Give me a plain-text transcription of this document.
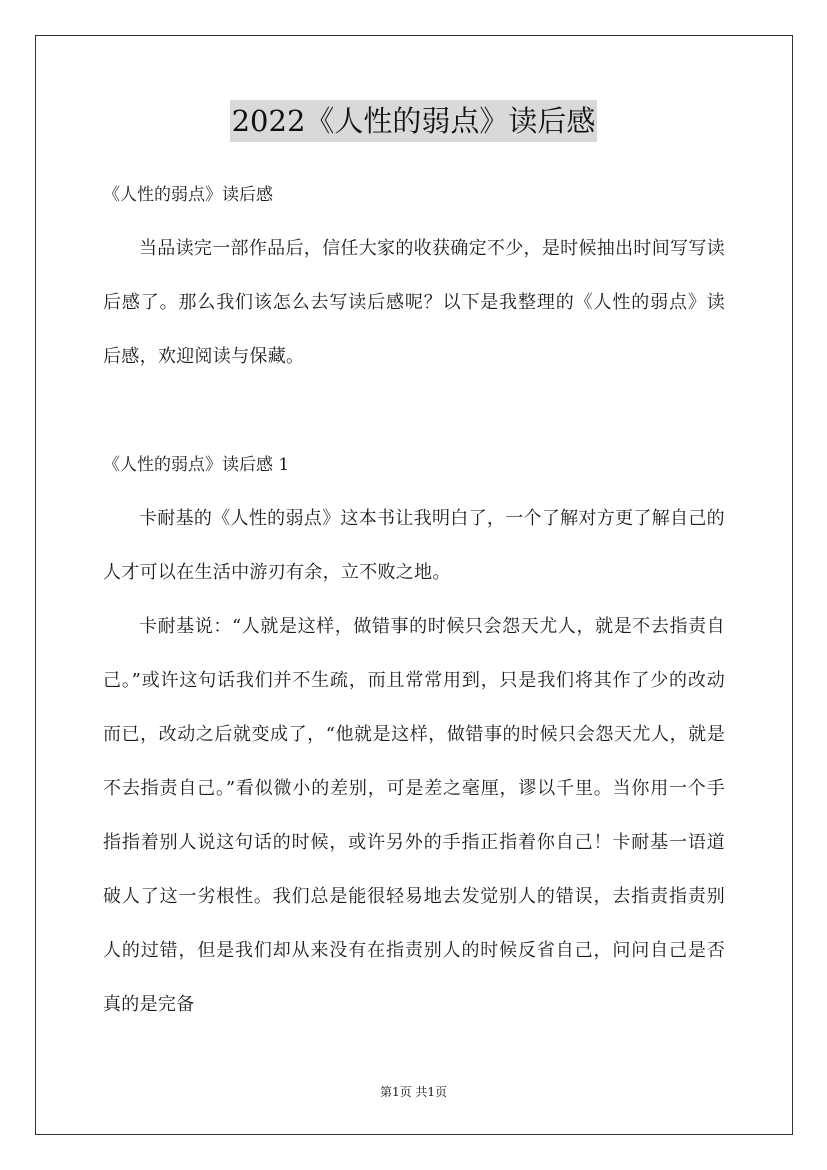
2022《人性的弱点》读后感

《人性的弱点》读后感

当品读完一部作品后，信任大家的收获确定不少，是时候抽出时间写写读后感了。那么我们该怎么去写读后感呢？以下是我整理的《人性的弱点》读后感，欢迎阅读与保藏。

《人性的弱点》读后感 1

卡耐基的《人性的弱点》这本书让我明白了，一个了解对方更了解自己的人才可以在生活中游刃有余，立不败之地。

卡耐基说：“人就是这样，做错事的时候只会怨天尤人，就是不去指责自己。”或许这句话我们并不生疏，而且常常用到，只是我们将其作了少的改动而已，改动之后就变成了，“他就是这样，做错事的时候只会怨天尤人，就是不去指责自己。”看似微小的差别，可是差之毫厘，谬以千里。当你用一个手指指着别人说这句话的时候，或许另外的手指正指着你自己！卡耐基一语道破人了这一劣根性。我们总是能很轻易地去发觉别人的错误，去指责指责别人的过错，但是我们却从来没有在指责别人的时候反省自己，问问自己是否真的是完备

第1页 共1页
